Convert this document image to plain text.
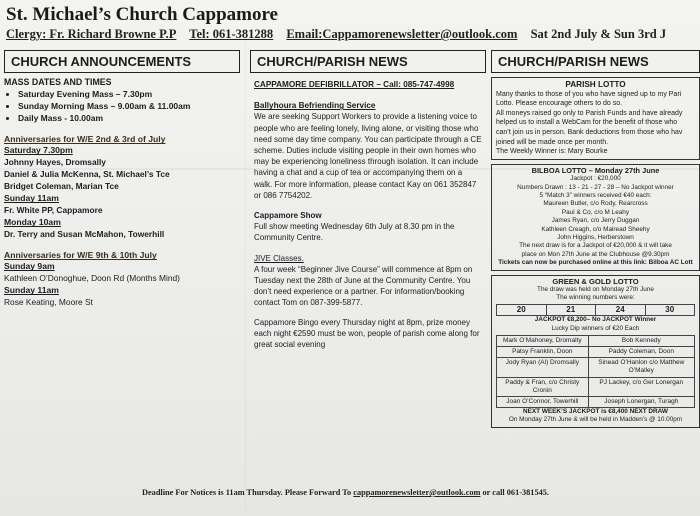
St. Michael’s Church Cappamore
Clergy: Fr. Richard Browne P.P Tel: 061-381288 Email:Cappamorenewsletter@outlook.com Sat 2nd July & Sun 3rd J
CHURCH ANNOUNCEMENTS
MASS DATES AND TIMES
• Saturday Evening Mass – 7.30pm
• Sunday Morning Mass – 9.00am & 11.00am
• Daily Mass - 10.00am
Anniversaries for W/E 2nd & 3rd of July
Saturday 7.30pm
Johnny Hayes, Dromsally
Daniel & Julia McKenna, St. Michael’s Tce
Bridget Coleman, Marian Tce
Sunday 11am
Fr. White PP, Cappamore
Monday 10am
Dr. Terry and Susan McMahon, Towerhill
Anniversaries for W/E 9th & 10th July
Sunday 9am
Kathleen O’Donoghue, Doon Rd (Months Mind)
Sunday 11am
Rose Keating, Moore St
CHURCH/PARISH NEWS
CAPPAMORE DEFIBRILLATOR – Call: 085-747-4998
Ballyhoura Befriending Service
We are seeking Support Workers to provide a listening voice to people who are feeling lonely, living alone, or visiting those who need some day time company. You can participate through a CE scheme. Duties include visiting people in their own homes who may be experiencing loneliness through isolation. It can include having a chat and a cup of tea or accompanying them on a walk. For more information, please contact Kay on 061 352847 or 086 7754202.
Cappamore Show
Full show meeting Wednesday 6th July at 8.30 pm in the Community Centre.
JIVE Classes.
A four week “Beginner Jive Course” will commence at 8pm on Tuesday next the 28th of June at the Community Centre. You don’t need experience or a partner. For information/booking contact Tom on 087-399-5877.
Cappamore Bingo every Thursday night at 8pm, prize money each night €2590 must be won, people of parish come along for great social evening
CHURCH/PARISH NEWS
PARISH LOTTO
Many thanks to those of you who have signed up to my Pari
Lotto. Please encourage others to do so.
All moneys raised go only to Parish Funds and have already
helped us to install a WebCam for the benefit of those who
can’t join us in person. Bank deductions from those who hav
joined will be made once per month.
The Weekly Winner is: Mary Bourke
BILBOA LOTTO – Monday 27th June
Jackpot : €20,000
Numbers Drawn : 13 - 21 - 27 - 28 – No Jackpot winner
5 “Match 3” winners received €40 each:
Maureen Butler, c/o Rody, Rearcross
Paul & Co, c/o M Leahy
James Ryan, c/o Jerry Duggan
Kathleen Creagh, c/o Mairead Sheehy
John Higgins, Herberstown
The next draw is for a Jackpot of €20,000 & it will take
place on Mon 27th June at the Clubhouse @9.30pm
Tickets can now be purchased online at this link: Bilboa AC Lott
GREEN & GOLD LOTTO
The draw was held on Monday 27th June
The winning numbers were:
20	21	24	30
JACKPOT €8,200– No JACKPOT Winner
Lucky Dip winners of €20 Each
Mark O’Mahoney, Dromalty	Bob Kennedy
Patsy Franklin, Doon	Paddy Coleman, Doon
Jody Ryan (Al) Dromsally	Sinead O’Hanlon c/o Matthew O’Malley
Paddy & Fran, c/o Christy Cronin	PJ Lackey, c/o Ger Lonergan
Joan O’Connor, Towerhill	Joseph Lonergan, Turagh
NEXT WEEK’S JACKPOT is €8,400 NEXT DRAW
On Monday 27th June & will be held in Madden’s @ 10.00pm
Deadline For Notices is 11am Thursday. Please Forward To cappamorenewsletter@outlook.com or call 061-381545.
